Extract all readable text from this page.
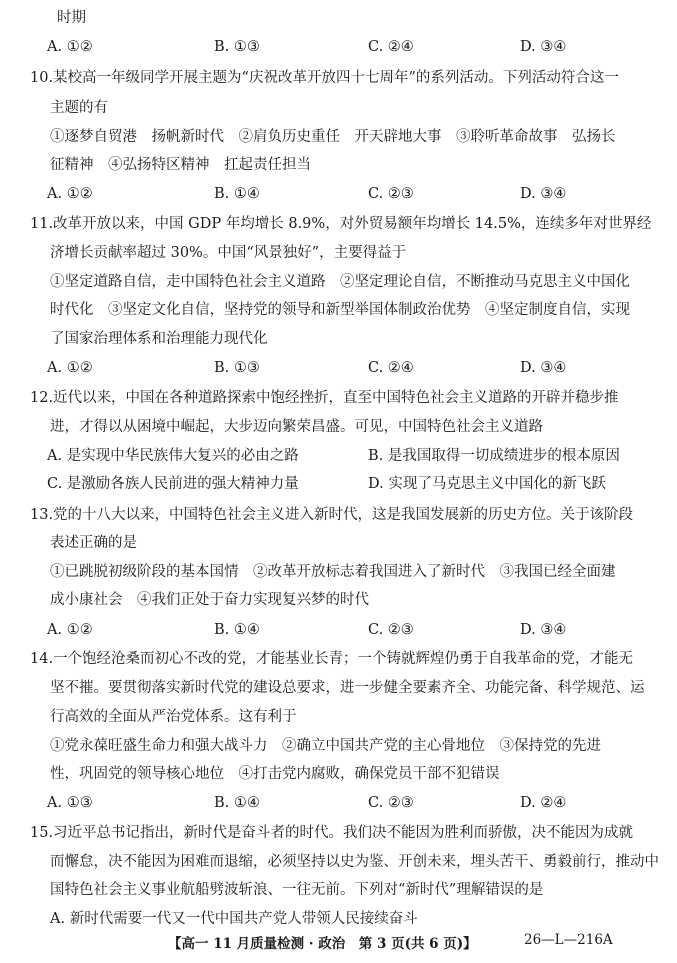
时期
A. ①②	B. ①③	C. ②④	D. ③④
10.某校高一年级同学开展主题为“庆祝改革开放四十七周年”的系列活动。下列活动符合这一
主题的有
①逐梦自贸港　扬帆新时代　②肩负历史重任　开天辟地大事　③聆听革命故事　弘扬长
征精神　④弘扬特区精神　扛起责任担当
A. ①②	B. ①④	C. ②③	D. ③④
11.改革开放以来，中国 GDP 年均增长 8.9%，对外贸易额年均增长 14.5%，连续多年对世界经
济增长贡献率超过 30%。中国“风景独好”，主要得益于
①坚定道路自信，走中国特色社会主义道路　②坚定理论自信，不断推动马克思主义中国化
时代化　③坚定文化自信，坚持党的领导和新型举国体制政治优势　④坚定制度自信，实现
了国家治理体系和治理能力现代化
A. ①②	B. ①③	C. ②④	D. ③④
12.近代以来，中国在各种道路探索中饱经挫折，直至中国特色社会主义道路的开辟并稳步推
进，才得以从困境中崛起，大步迈向繁荣昌盛。可见，中国特色社会主义道路
A. 是实现中华民族伟大复兴的必由之路	B. 是我国取得一切成绩进步的根本原因
C. 是激励各族人民前进的强大精神力量	D. 实现了马克思主义中国化的新飞跃
13.党的十八大以来，中国特色社会主义进入新时代，这是我国发展新的历史方位。关于该阶段
表述正确的是
①已跳脱初级阶段的基本国情　②改革开放标志着我国进入了新时代　③我国已经全面建
成小康社会　④我们正处于奋力实现复兴梦的时代
A. ①②	B. ①④	C. ②③	D. ③④
14.一个饱经沧桑而初心不改的党，才能基业长青；一个铸就辉煌仍勇于自我革命的党，才能无
坚不摧。要贯彻落实新时代党的建设总要求，进一步健全要素齐全、功能完备、科学规范、运
行高效的全面从严治党体系。这有利于
①党永葆旺盛生命力和强大战斗力　②确立中国共产党的主心骨地位　③保持党的先进
性，巩固党的领导核心地位　④打击党内腐败，确保党员干部不犯错误
A. ①③	B. ①④	C. ②③	D. ②④
15.习近平总书记指出，新时代是奋斗者的时代。我们决不能因为胜利而骄傲，决不能因为成就
而懈怠，决不能因为困难而退缩，必须坚持以史为鉴、开创未来，埋头苦干、勇毅前行，推动中
国特色社会主义事业航船劈波斩浪、一往无前。下列对“新时代”理解错误的是
A. 新时代需要一代又一代中国共产党人带领人民接续奋斗
【高一 11 月质量检测 · 政治　第 3 页(共 6 页)】	26—L—216A
